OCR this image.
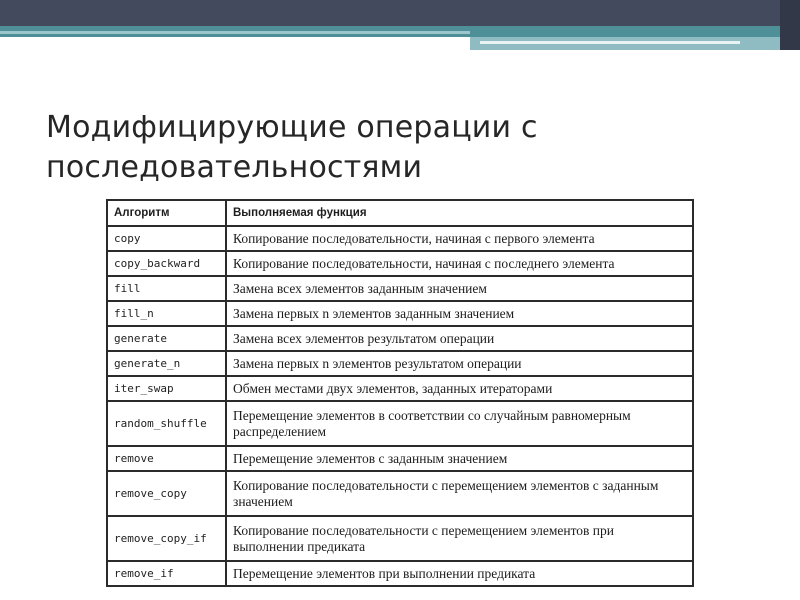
Модифицирующие операции с последовательностями
Алгоритм	Выполняемая функция
copy	Копирование последовательности, начиная с первого элемента
copy_backward	Копирование последовательности, начиная с последнего элемента
fill	Замена всех элементов заданным значением
fill_n	Замена первых n элементов заданным значением
generate	Замена всех элементов результатом операции
generate_n	Замена первых n элементов результатом операции
iter_swap	Обмен местами двух элементов, заданных итераторами
random_shuffle	Перемещение элементов в соответствии со случайным равномерным распределением
remove	Перемещение элементов с заданным значением
remove_copy	Копирование последовательности с перемещением элементов с заданным значением
remove_copy_if	Копирование последовательности с перемещением элементов при выполнении предиката
remove_if	Перемещение элементов при выполнении предиката
